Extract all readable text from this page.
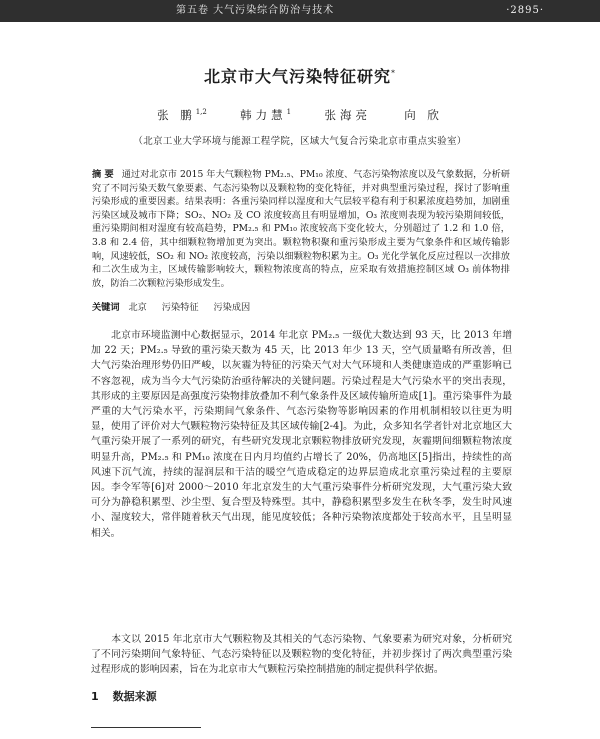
第五卷 大气污染综合防治与技术	·2895·
北京市大气污染特征研究*
张 鹏$^{1,2}$	韩力慧$^1$	张海亮	向 欣
（北京工业大学环境与能源工程学院，区域大气复合污染北京市重点实验室）
摘 要 通过对北京市 2015 年大气颗粒物 PM₂.₅、PM₁₀ 浓度、气态污染物浓度以及气象数据，分析研究了不同污染天数气象要素、气态污染物以及颗粒物的变化特征，并对典型重污染过程，探讨了影响重污染形成的重要因素。结果表明：各重污染同样以湿度和大气层较平稳有利于积累浓度趋势加，加剧重污染区域及城市下降；SO₂、NO₂ 及 CO 浓度较高且有明显增加，O₃ 浓度则表现为较污染期间较低，重污染期间相对湿度有较高趋势，PM₂.₅ 和 PM₁₀ 浓度较高下变化较大，分别超过了 1.2 和 1.0 倍，3.8 和 2.4 倍，其中细颗粒物增加更为突出。颗粒物积聚和重污染形成主要为气象条件和区域传输影响，风速较低，SO₂ 和 NO₂ 浓度较高，污染以细颗粒物积累为主。O₃ 光化学氧化反应过程以一次排放和二次生成为主，区域传输影响较大，颗粒物浓度高的特点，应采取有效措施控制区域 O₃ 前体物排放，防治二次颗粒污染形成发生。
关键词 北京 污染特征 污染成因
北京市环境监测中心数据显示，2014 年北京 PM₂.₅ 一级优大数达到 93 天，比 2013 年增加 22 天；PM₂.₅ 导致的重污染天数为 45 天，比 2013 年少 13 天，空气质量略有所改善，但大气污染治理形势仍旧严峻，以灰霾为特征的污染天气对大气环境和人类健康造成的严重影响已不容忽视，成为当今大气污染防治亟待解决的关键问题。污染过程是大气污染水平的突出表现，其形成的主要原因是高强度污染物排放叠加不利气象条件及区域传输所造成[1]。重污染事件为最严重的大气污染水平，污染期间气象条件、气态污染物等影响因素的作用机制相较以往更为明显，使用了评价对大气颗粒物污染特征及其区域传输[2-4]。为此，众多知名学者针对北京地区大气重污染开展了一系列的研究，有些研究发现北京颗粒物排放研究发现，灰霾期间细颗粒物浓度明显升高，PM₂.₅ 和 PM₁₀ 浓度在日内月均值约占增长了 20%，仍高地区[5]指出，持续性的高风速下沉气流，持续的湿润层和干洁的暖空气造成稳定的边界层造成北京重污染过程的主要原因。李令军等[6]对 2000～2010 年北京发生的大气重污染事件分析研究发现，大气重污染大致可分为静稳积累型、沙尘型、复合型及特殊型。其中，静稳积累型多发生在秋冬季，发生时风速小、湿度较大，常伴随着秋天气出现，能见度较低；各种污染物浓度都处于较高水平，且呈明显相关。
本文以 2015 年北京市大气颗粒物及其相关的气态污染物、气象要素为研究对象，分析研究了不同污染期间气象特征、气态污染特征以及颗粒物的变化特征，并初步探讨了两次典型重污染过程形成的影响因素，旨在为北京市大气颗粒污染控制措施的制定提供科学依据。
1 数据来源
